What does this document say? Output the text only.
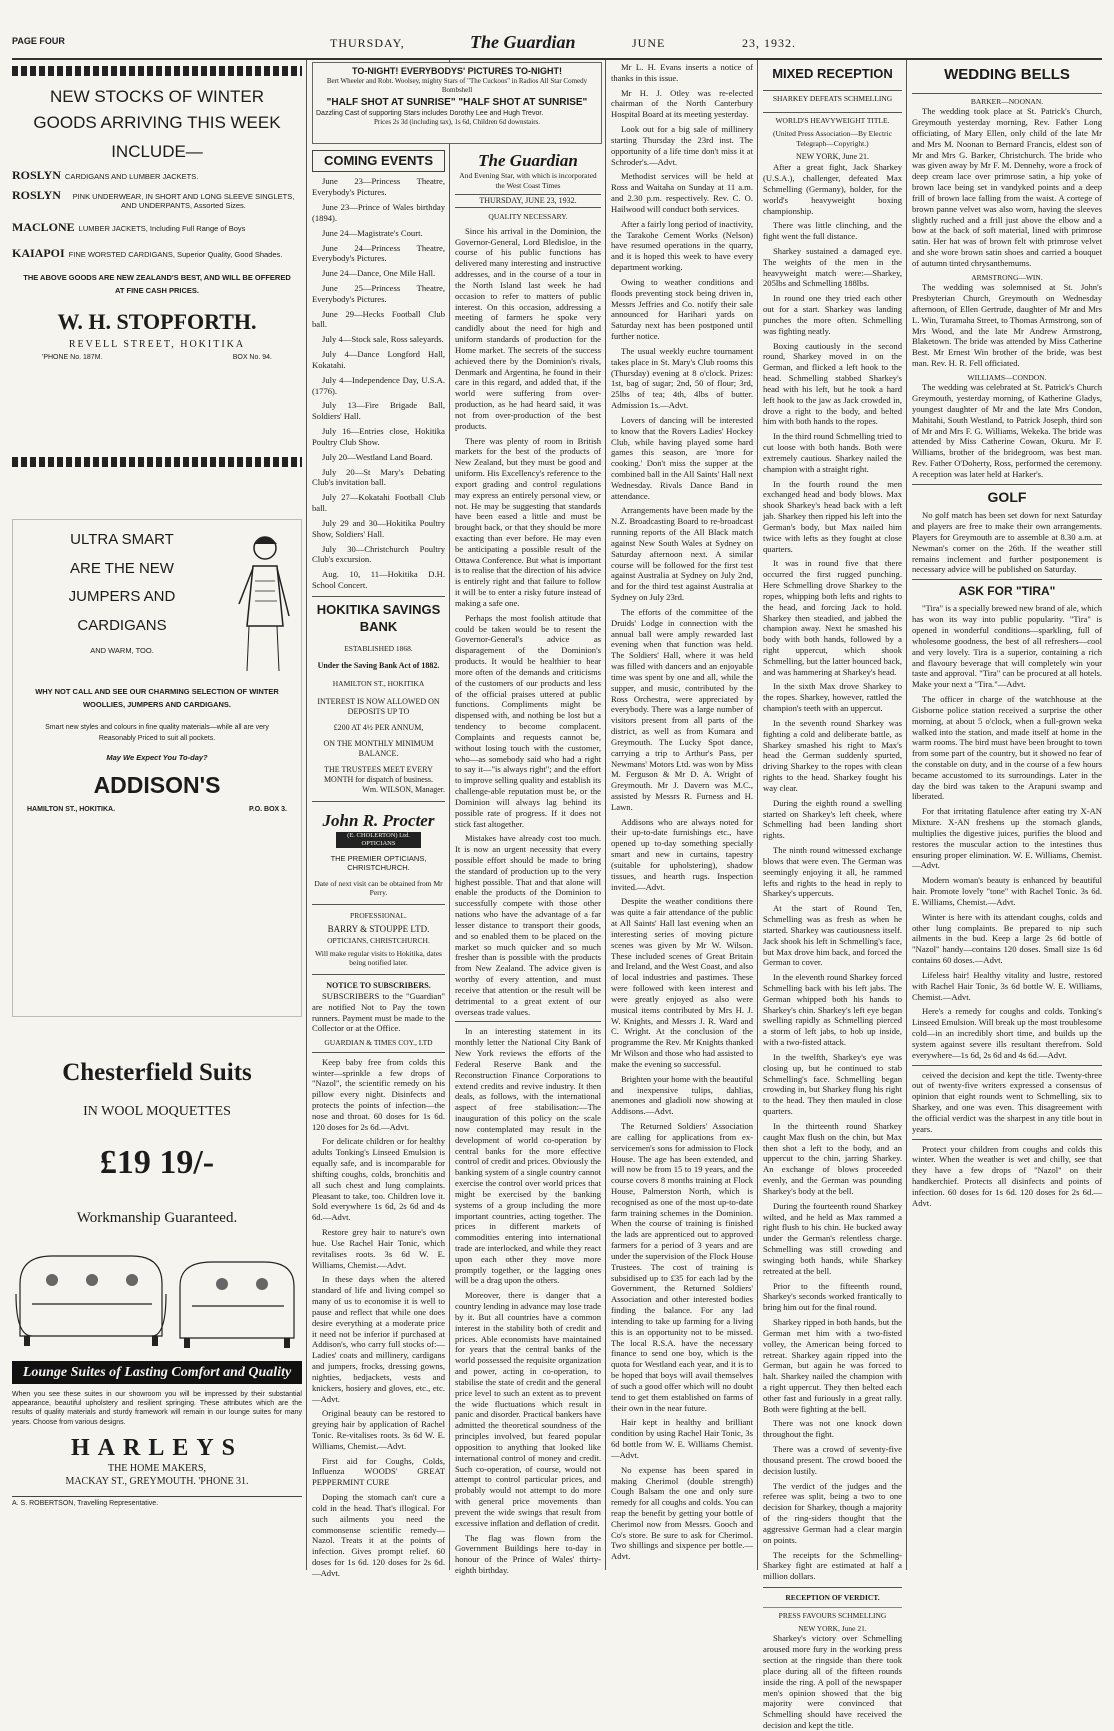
PAGE FOUR	THURSDAY,	The Guardian	JUNE	23, 1932.
NEW STOCKS OF WINTER GOODS ARRIVING THIS WEEK
INCLUDE—
ROSLYN CARDIGANS AND LUMBER JACKETS.
ROSLYN	PINK UNDERWEAR, IN SHORT AND LONG SLEEVE SINGLETS, AND UNDERPANTS, Assorted Sizes.
MACLONE LUMBER JACKETS, Including Full Range of Boys
KAIAPOI FINE WORSTED CARDIGANS, Superior Quality, Good Shades.
THE ABOVE GOODS ARE NEW ZEALAND'S BEST, AND WILL BE OFFERED AT FINE CASH PRICES.
W. H. STOPFORTH.
REVELL STREET, HOKITIKA
'PHONE No. 187M.	BOX No. 94.
ULTRA SMART
ARE THE NEW
JUMPERS AND
CARDIGANS
AND WARM, TOO.
WHY NOT CALL AND SEE OUR CHARMING SELECTION OF WINTER WOOLLIES, JUMPERS AND CARDIGANS.
Smart new styles and colours in fine quality materials—while all are very Reasonably Priced to suit all pockets.
May We Expect You To-day?
ADDISON'S
HAMILTON ST., HOKITIKA.	P.O. BOX 3.
Chesterfield Suits
IN WOOL MOQUETTES
£19 19/-
Workmanship Guaranteed.
Lounge Suites of Lasting Comfort and Quality
When you see these suites in our showroom you will be impressed by their substantial appearance, beautiful upholstery and resilient springing. These attributes which are the results of quality materials and sturdy framework will remain in our lounge suites for many years. Choose from various designs.
HARLEYS
THE HOME MAKERS,
MACKAY ST., GREYMOUTH. 'PHONE 31.
A. S. ROBERTSON, Travelling Representative.
TO-NIGHT! EVERYBODYS' PICTURES TO-NIGHT!
Bert Wheeler and Robt. Woolsey, mighty Stars of "The Cuckoos" in Radios All Star Comedy Bombshell
"HALF SHOT AT SUNRISE" "HALF SHOT AT SUNRISE"
Dazzling Cast of supporting Stars includes Dorothy Lee and Hugh Trevor.
Prices 2s 3d (including tax), 1s 6d, Children 6d downstairs.
COMING EVENTS
June 23—Princess Theatre, Everybody's Pictures.
June 23—Prince of Wales birthday (1894).
June 24—Magistrate's Court.
June 24—Princess Theatre, Everybody's Pictures.
June 24—Dance, One Mile Hall.
June 25—Princess Theatre, Everybody's Pictures.
June 29—Hecks Football Club ball.
July 4—Stock sale, Ross saleyards.
July 4—Dance Longford Hall, Kokatahi.
July 4—Independence Day, U.S.A. (1776).
July 13—Fire Brigade Ball, Soldiers' Hall.
July 16—Entries close, Hokitika Poultry Club Show.
July 20—Westland Land Board.
July 20—St Mary's Debating Club's invitation ball.
July 27—Kokatahi Football Club ball.
July 29 and 30—Hokitika Poultry Show, Soldiers' Hall.
July 30—Christchurch Poultry Club's excursion.
Aug. 10, 11—Hokitika D.H. School Concert.
HOKITIKA SAVINGS BANK
ESTABLISHED 1868.
Under the Saving Bank Act of 1882.
HAMILTON ST., HOKITIKA
INTEREST IS NOW ALLOWED ON DEPOSITS UP TO
£200 AT 4½ PER ANNUM,
ON THE MONTHLY MINIMUM BALANCE.
THE TRUSTEES MEET EVERY MONTH for dispatch of business.
Wm. WILSON, Manager.
John R. Procter
(E. CHOLERTON) Ltd. OPTICIANS
THE PREMIER OPTICIANS, CHRISTCHURCH.
Date of next visit can be obtained from Mr Perry.
PROFESSIONAL.
BARRY & STOUPPE LTD.
OPTICIANS, CHRISTCHURCH.
Will make regular visits to Hokitika, dates being notified later.
NOTICE TO SUBSCRIBERS.
SUBSCRIBERS to the "Guardian" are notified Not to Pay the town runners. Payment must be made to the Collector or at the Office.
GUARDIAN & TIMES COY., LTD
Keep baby free from colds this winter—sprinkle a few drops of "Nazol", the scientific remedy on his pillow every night. Disinfects and protects the points of infection—the nose and throat. 60 doses for 1s 6d. 120 doses for 2s 6d.—Advt.
For delicate children or for healthy adults Tonking's Linseed Emulsion is equally safe, and is incomparable for shifting coughs, colds, bronchitis and all such chest and lung complaints. Pleasant to take, too. Children love it. Sold everywhere 1s 6d, 2s 6d and 4s 6d.—Advt.
Restore grey hair to nature's own hue. Use Rachel Hair Tonic, which revitalises roots. 3s 6d W. E. Williams, Chemist.—Advt.
In these days when the altered standard of life and living compel so many of us to economise it is well to pause and reflect that while one does desire everything at a moderate price it need not be inferior if purchased at Addison's, who carry full stocks of:—Ladies' coats and millinery, cardigans and jumpers, frocks, dressing gowns, nighties, bedjackets, vests and knickers, hosiery and gloves, etc., etc.—Advt.
Original beauty can be restored to greying hair by application of Rachel Tonic. Re-vitalises roots. 3s 6d W. E. Williams, Chemist.—Advt.
First aid for Coughs, Colds, Influenza WOODS' GREAT PEPPERMINT CURE
Doping the stomach can't cure a cold in the head. That's illogical. For such ailments you need the commonsense scientific remedy—Nazol. Treats it at the points of infection. Gives prompt relief. 60 doses for 1s 6d. 120 doses for 2s 6d.—Advt.
The Guardian
And Evening Star, with which is incorporated the West Coast Times
THURSDAY, JUNE 23, 1932.
QUALITY NECESSARY.
Since his arrival in the Dominion, the Governor-General, Lord Bledisloe, in the course of his public functions has delivered many interesting and instructive addresses, and in the course of a tour in the North Island last week he had occasion to refer to matters of public interest. On this occasion, addressing a meeting of farmers he spoke very candidly about the need for high and uniform standards of production for the Home market. The secrets of the success achieved there by the Dominion's rivals, Denmark and Argentina, he found in their care in this regard, and added that, if the world were suffering from over-production, as he had heard said, it was not from over-production of the best products.
There was plenty of room in British markets for the best of the products of New Zealand, but they must be good and uniform. His Excellency's reference to the export grading and control regulations may express an entirely personal view, or not. He may be suggesting that standards have been eased a little and must be brought back, or that they should be more exacting than ever before. He may even be anticipating a possible result of the Ottawa Conference. But what is important is to realise that the direction of his advice is entirely right and that failure to follow it will be to enter a risky future instead of making a safe one.
Perhaps the most foolish attitude that could be taken would be to resent the Governor-General's advice as disparagement of the Dominion's products. It would be healthier to hear more often of the demands and criticisms of the customers of our products and less of the official praises uttered at public functions. Compliments might be dispensed with, and nothing be lost but a tendency to become complacent. Complaints and requests cannot be, without losing touch with the customer, who—as somebody said who had a right to say it—"is always right"; and the effort to improve selling quality and establish its challenge-able reputation must be, or the Dominion will always lag behind its possible rate of progress. If it does not stick fast altogether.
Mistakes have already cost too much. It is now an urgent necessity that every possible effort should be made to bring the standard of production up to the very highest possible. That and that alone will enable the products of the Dominion to successfully compete with those other nations who have the advantage of a far lesser distance to transport their goods, and so enabled them to be placed on the market so much quicker and so much fresher than is possible with the products from New Zealand. The advice given is worthy of every attention, and must receive that attention or the result will be detrimental to a great extent of our overseas trade values.
In an interesting statement in its monthly letter the National City Bank of New York reviews the efforts of the Federal Reserve Bank and the Reconstruction Finance Corporations to extend credits and revive industry. It then deals, as follows, with the international aspect of free stabilisation:—The inauguration of this policy on the scale now contemplated may result in the development of world co-operation by central banks for the more effective control of credit and prices. Obviously the banking system of a single country cannot exercise the control over world prices that might be exercised by the banking systems of a group including the more important countries, acting together. The prices in different markets of commodities entering into international trade are interlocked, and while they react upon each other they move more promptly together, or the lagging ones will be a drag upon the others.
Moreover, there is danger that a country lending in advance may lose trade by it. But all countries have a common interest in the stability both of credit and prices. Able economists have maintained for years that the central banks of the world possessed the requisite organization and power, acting in co-operation, to stabilise the state of credit and the general price level to such an extent as to prevent the wide fluctuations which result in panic and disorder. Practical bankers have admitted the theoretical soundness of the principles involved, but feared popular opposition to anything that looked like international control of money and credit. Such co-operation, of course, would not attempt to control particular prices, and probably would not attempt to do more with general price movements than prevent the wide swings that result from excessive inflation and deflation of credit.
The flag was flown from the Government Buildings here to-day in honour of the Prince of Wales' thirty-eighth birthday.
Mr L. H. Evans inserts a notice of thanks in this issue.
Mr H. J. Otley was re-elected chairman of the North Canterbury Hospital Board at its meeting yesterday.
Look out for a big sale of millinery starting Thursday the 23rd inst. The opportunity of a life time don't miss it at Schroder's.—Advt.
Methodist services will be held at Ross and Waitaha on Sunday at 11 a.m. and 2.30 p.m. respectively. Rev. C. O. Hailwood will conduct both services.
After a fairly long period of inactivity, the Tarakohe Cement Works (Nelson) have resumed operations in the quarry, and it is hoped this week to have every department working.
Owing to weather conditions and floods preventing stock being driven in, Messrs Jeffries and Co. notify their sale announced for Harihari yards on Saturday next has been postponed until further notice.
The usual weekly euchre tournament takes place in St. Mary's Club rooms this (Thursday) evening at 8 o'clock. Prizes: 1st, bag of sugar; 2nd, 50 of flour; 3rd, 25lbs of tea; 4th, 4lbs of butter. Admission 1s.—Advt.
Lovers of dancing will be interested to know that the Rovers Ladies' Hockey Club, while having played some hard games this season, are 'more for cooking.' Don't miss the supper at the combined ball in the All Saints' Hall next Wednesday. Rivals Dance Band in attendance.
Arrangements have been made by the N.Z. Broadcasting Board to re-broadcast running reports of the All Black match against New South Wales at Sydney on Saturday afternoon next. A similar course will be followed for the first test against Australia at Sydney on July 2nd, and for the third test against Australia at Sydney on July 23rd.
The efforts of the committee of the Druids' Lodge in connection with the annual ball were amply rewarded last evening when that function was held. The Soldiers' Hall, where it was held was filled with dancers and an enjoyable time was spent by one and all, while the supper, and music, contributed by the Ross Orchestra, were appreciated by everybody. There was a large number of visitors present from all parts of the district, as well as from Kumara and Greymouth. The Lucky Spot dance, carrying a trip to Arthur's Pass, per Newmans' Motors Ltd. was won by Miss M. Ferguson & Mr D. A. Wright of Greymouth. Mr J. Davern was M.C., assisted by Messrs R. Furness and H. Lawn.
Addisons who are always noted for their up-to-date furnishings etc., have opened up to-day something specially smart and new in curtains, tapestry (suitable for upholstering), shadow tissues, and hearth rugs. Inspection invited.—Advt.
Despite the weather conditions there was quite a fair attendance of the public at All Saints' Hall last evening when an interesting series of moving picture scenes was given by Mr W. Wilson. These included scenes of Great Britain and Ireland, and the West Coast, and also of local industries and pastimes. These were followed with keen interest and were greatly enjoyed as also were musical items contributed by Mrs H. J. W. Knights, and Messrs J. R. Ward and C. Wright. At the conclusion of the programme the Rev. Mr Knights thanked Mr Wilson and those who had assisted to make the evening so successful.
Brighten your home with the beautiful and inexpensive tulips, dahlias, anemones and gladioli now showing at Addisons.—Advt.
The Returned Soldiers' Association are calling for applications from ex-servicemen's sons for admission to Flock House. The age has been extended, and will now be from 15 to 19 years, and the course covers 8 months training at Flock House, Palmerston North, which is recognised as one of the most up-to-date farm training schemes in the Dominion. When the course of training is finished the lads are apprenticed out to approved farmers for a period of 3 years and are under the supervision of the Flock House Trustees. The cost of training is subsidised up to £35 for each lad by the Government, the Returned Soldiers' Association and other interested bodies finding the balance. For any lad intending to take up farming for a living this is an opportunity not to be missed. The local R.S.A. have the necessary finance to send one boy, which is the quota for Westland each year, and it is to be hoped that boys will avail themselves of such a good offer which will no doubt tend to get them established on farms of their own in the near future.
Hair kept in healthy and brilliant condition by using Rachel Hair Tonic, 3s 6d bottle from W. E. Williams Chemist.—Advt.
No expense has been spared in making Cherimol (double strength) Cough Balsam the one and only sure remedy for all coughs and colds. You can reap the benefit by getting your bottle of Cherimol now from Messrs. Gooch and Co's store. Be sure to ask for Cherimol. Two shillings and sixpence per bottle.—Advt.
MIXED RECEPTION
SHARKEY DEFEATS SCHMELLING
WORLD'S HEAVYWEIGHT TITLE.
(United Press Association—By Electric Telegraph—Copyright.)
NEW YORK, June 21.
After a great fight, Jack Sharkey (U.S.A.), challenger, defeated Max Schmelling (Germany), holder, for the world's heavyweight boxing championship.
There was little clinching, and the fight went the full distance.
Sharkey sustained a damaged eye. The weights of the men in the heavyweight match were:—Sharkey, 205lbs and Schmelling 188lbs.
In round one they tried each other out for a start. Sharkey was landing punches the more often. Schmelling was fighting neatly.
Boxing cautiously in the second round, Sharkey moved in on the German, and flicked a left hook to the head. Schmelling stabbed Sharkey's head with his left, but he took a hard left hook to the jaw as Jack crowded in, drove a right to the body, and belted him with both hands to the ropes.
In the third round Schmelling tried to cut loose with both hands. Both were extremely cautious. Sharkey nailed the champion with a straight right.
In the fourth round the men exchanged head and body blows. Max shook Sharkey's head back with a left jab. Sharkey then ripped his left into the German's body, but Max nailed him twice with lefts as they fought at close quarters.
It was in round five that there occurred the first rugged punching. Here Schmelling drove Sharkey to the ropes, whipping both lefts and rights to the head, and forcing Jack to hold. Sharkey then steadied, and jabbed the champion away. Next he smashed his body with both hands, followed by a right uppercut, which shook Schmelling, but the latter bounced back, and was hammering at Sharkey's head.
In the sixth Max drove Sharkey to the ropes. Sharkey, however, rattled the champion's teeth with an uppercut.
In the seventh round Sharkey was fighting a cold and deliberate battle, as Sharkey smashed his right to Max's head the German suddenly spurted, driving Sharkey to the ropes with clean rights to the head. Sharkey fought his way clear.
During the eighth round a swelling started on Sharkey's left cheek, where Schmelling had been landing short rights.
The ninth round witnessed exchange blows that were even. The German was seemingly enjoying it all, he rammed lefts and rights to the head in reply to Sharkey's uppercuts.
At the start of Round Ten, Schmelling was as fresh as when he started. Sharkey was cautiousness itself. Jack shook his left in Schmelling's face, but Max drove him back, and forced the German to cover.
In the eleventh round Sharkey forced Schmelling back with his left jabs. The German whipped both his hands to Sharkey's chin. Sharkey's left eye began swelling rapidly as Schmelling pierced a storm of left jabs, to hob up inside, with a two-fisted attack.
In the twelfth, Sharkey's eye was closing up, but he continued to stab Schmelling's face. Schmelling began crowding in, but Sharkey flung his right to the head. They then mauled in close quarters.
In the thirteenth round Sharkey caught Max flush on the chin, but Max then shot a left to the body, and an uppercut to the chin, jarring Sharkey. An exchange of blows proceeded evenly, and the German was pounding Sharkey's body at the bell.
During the fourteenth round Sharkey wilted, and he held as Max rammed a right flush to his chin. He bucked away under the German's relentless charge. Schmelling was still crowding and swinging both hands, while Sharkey retreated at the bell.
Prior to the fifteenth round, Sharkey's seconds worked frantically to bring him out for the final round.
Sharkey ripped in both hands, but the German met him with a two-fisted volley, the American being forced to retreat. Sharkey again ripped into the German, but again he was forced to halt. Sharkey nailed the champion with a right uppercut. They then belted each other fast and furiously in a great rally. Both were fighting at the bell.
There was not one knock down throughout the fight.
There was a crowd of seventy-five thousand present. The crowd booed the decision lustily.
The verdict of the judges and the referee was split, being a two to one decision for Sharkey, though a majority of the ring-siders thought that the aggressive German had a clear margin on points.
The receipts for the Schmelling-Sharkey fight are estimated at half a million dollars.
RECEPTION OF VERDICT.
PRESS FAVOURS SCHMELLING
NEW YORK, June 21.
Sharkey's victory over Schmelling aroused more fury in the working press section at the ringside than there took place during all of the fifteen rounds inside the ring. A poll of the newspaper men's opinion showed that the big majority were convinced that Schmelling should have received the decision and kept the title.
WEDDING BELLS
BARKER—NOONAN.
The wedding took place at St. Patrick's Church, Greymouth yesterday morning, Rev. Father Long officiating, of Mary Ellen, only child of the late Mr and Mrs M. Noonan to Bernard Francis, eldest son of Mr and Mrs G. Barker, Christchurch. The bride who was given away by Mr F. M. Dennehy, wore a frock of deep cream lace over primrose satin, a hip yoke of brown lace being set in vandyked points and a deep frill of brown lace falling from the waist. A cortege of brown panne velvet was also worn, having the sleeves slightly ruched and a frill just above the elbow and a bow at the back of soft material, lined with primrose satin. Her hat was of brown felt with primrose velvet and she wore brown satin shoes and carried a bouquet of autumn tinted chrysanthemums.
ARMSTRONG—WIN.
The wedding was solemnised at St. John's Presbyterian Church, Greymouth on Wednesday afternoon, of Ellen Gertrude, daughter of Mr and Mrs L. Win, Turamaha Street, to Thomas Armstrong, son of Mrs Wood, and the late Mr Andrew Armstrong, Blaketown. The bride was attended by Miss Catherine Best. Mr Ernest Win brother of the bride, was best man. Rev. H. R. Fell officiated.
WILLIAMS—CONDON.
The wedding was celebrated at St. Patrick's Church Greymouth, yesterday morning, of Katherine Gladys, youngest daughter of Mr and the late Mrs Condon, Mahitahi, South Westland, to Patrick Joseph, third son of Mr and Mrs F. G. Williams, Wekeka. The bride was attended by Miss Catherine Cowan, Okuru. Mr F. Williams, brother of the bridegroom, was best man. Rev. Father O'Doherty, Ross, performed the ceremony. A reception was later held at Harker's.
GOLF
No golf match has been set down for next Saturday and players are free to make their own arrangements. Players for Greymouth are to assemble at 8.30 a.m. at Newman's corner on the 26th. If the weather still remains inclement and further postponement is necessary advice will be published on Saturday.
ASK FOR "TIRA"
"Tira" is a specially brewed new brand of ale, which has won its way into public popularity. "Tira" is opened in wonderful conditions—sparkling, full of wholesome goodness, the best of all refreshers—cool and very lovely. Tira is a superior, containing a rich and flavoury beverage that will completely win your taste and approval. "Tira" can be procured at all hotels. Make your next a "Tira."—Advt.
The officer in charge of the watchhouse at the Gisborne police station received a surprise the other morning, at about 5 o'clock, when a full-grown weka walked into the station, and made itself at home in the warm rooms. The bird must have been brought to town from some part of the country, but it showed no fear of the constable on duty, and in the course of a few hours became accustomed to its surroundings. Later in the day the bird was taken to the Arapuni swamp and liberated.
For that irritating flatulence after eating try X-AN Mixture. X-AN freshens up the stomach glands, multiplies the digestive juices, purifies the blood and restores the muscular action to the intestines thus ensuring proper elimination. W. E. Williams, Chemist.—Advt.
Modern woman's beauty is enhanced by beautiful hair. Promote lovely "tone" with Rachel Tonic. 3s 6d. E. Williams, Chemist.—Advt.
Winter is here with its attendant coughs, colds and other lung complaints. Be prepared to nip such ailments in the bud. Keep a large 2s 6d bottle of "Nazol" handy—contains 120 doses. Small size 1s 6d contains 60 doses.—Advt.
Lifeless hair! Healthy vitality and lustre, restored with Rachel Hair Tonic, 3s 6d bottle W. E. Williams, Chemist.—Advt.
Here's a remedy for coughs and colds. Tonking's Linseed Emulsion. Will break up the most troublesome cold—in an incredibly short time, and builds up the system against severe ills resultant therefrom. Sold everywhere—1s 6d, 2s 6d and 4s 6d.—Advt.
ceived the decision and kept the title. Twenty-three out of twenty-five writers expressed a consensus of opinion that eight rounds went to Schmelling, six to Sharkey, and one was even. This disagreement with the official verdict was the sharpest in any title bout in years.
Protect your children from coughs and colds this winter. When the weather is wet and chilly, see that they have a few drops of "Nazol" on their handkerchief. Protects all disinfects and points of infection. 60 doses for 1s 6d. 120 doses for 2s 6d.—Advt.
